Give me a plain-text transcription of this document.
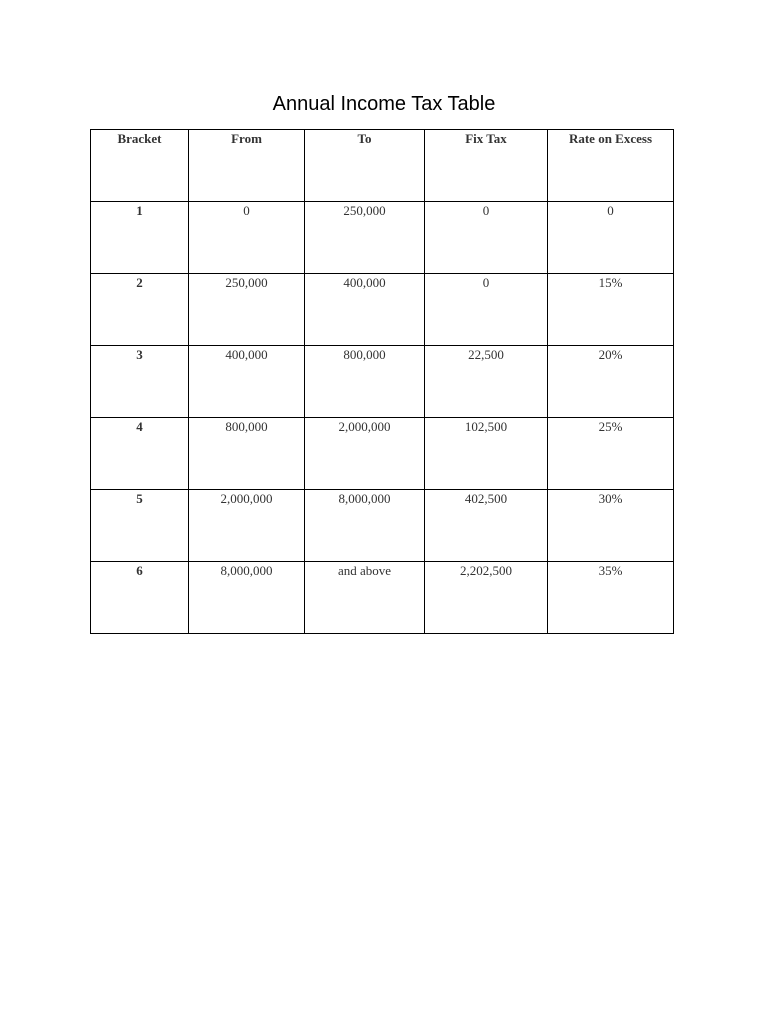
Annual Income Tax Table
Bracket	From	To	Fix Tax	Rate on Excess
1	0	250,000	0	0
2	250,000	400,000	0	15%
3	400,000	800,000	22,500	20%
4	800,000	2,000,000	102,500	25%
5	2,000,000	8,000,000	402,500	30%
6	8,000,000	and above	2,202,500	35%
